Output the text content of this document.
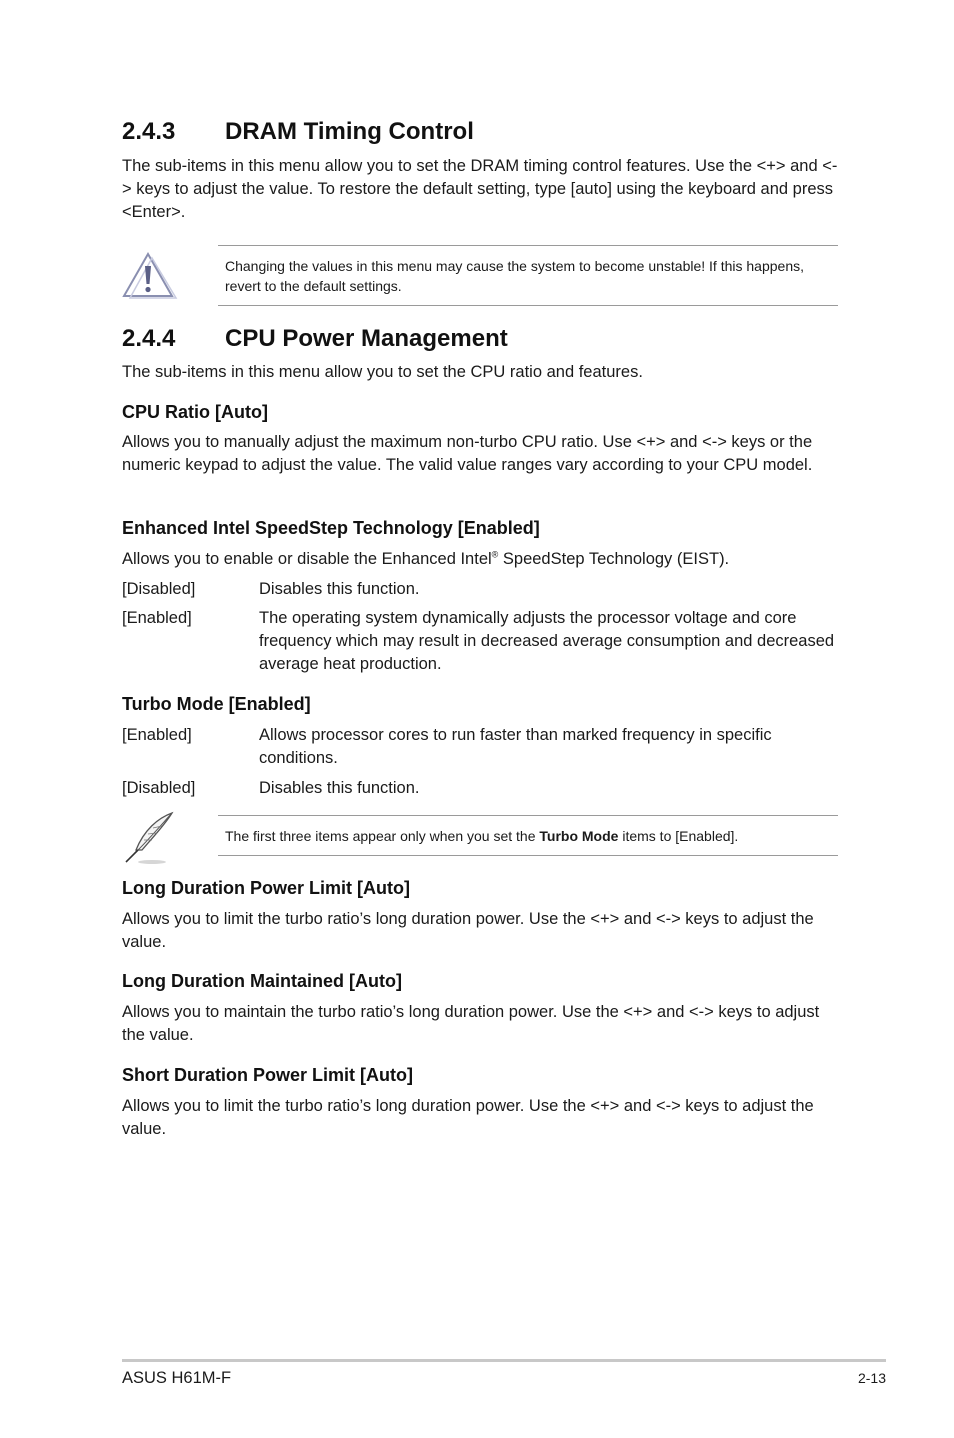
2.4.3 DRAM Timing Control

The sub-items in this menu allow you to set the DRAM timing control features. Use the <+> and <-> keys to adjust the value. To restore the default setting, type [auto] using the keyboard and press <Enter>.

Changing the values in this menu may cause the system to become unstable! If this happens, revert to the default settings.
2.4.4 CPU Power Management

The sub-items in this menu allow you to set the CPU ratio and features.

CPU Ratio [Auto]

Allows you to manually adjust the maximum non-turbo CPU ratio. Use <+> and <-> keys or the numeric keypad to adjust the value. The valid value ranges vary according to your CPU model.

Enhanced Intel SpeedStep Technology [Enabled]

Allows you to enable or disable the Enhanced Intel® SpeedStep Technology (EIST).

[Disabled]	Disables this function.
[Enabled]	The operating system dynamically adjusts the processor voltage and core frequency which may result in decreased average consumption and decreased average heat production.
Turbo Mode [Enabled]
[Enabled]	Allows processor cores to run faster than marked frequency in specific conditions.
[Disabled]	Disables this function.
The first three items appear only when you set the Turbo Mode items to [Enabled].
Long Duration Power Limit [Auto]

Allows you to limit the turbo ratio’s long duration power. Use the <+> and <-> keys to adjust the value.

Long Duration Maintained [Auto]

Allows you to maintain the turbo ratio’s long duration power. Use the <+> and <-> keys to adjust the value.

Short Duration Power Limit [Auto]

Allows you to limit the turbo ratio’s long duration power. Use the <+> and <-> keys to adjust the value.

ASUS H61M-F	2-13
